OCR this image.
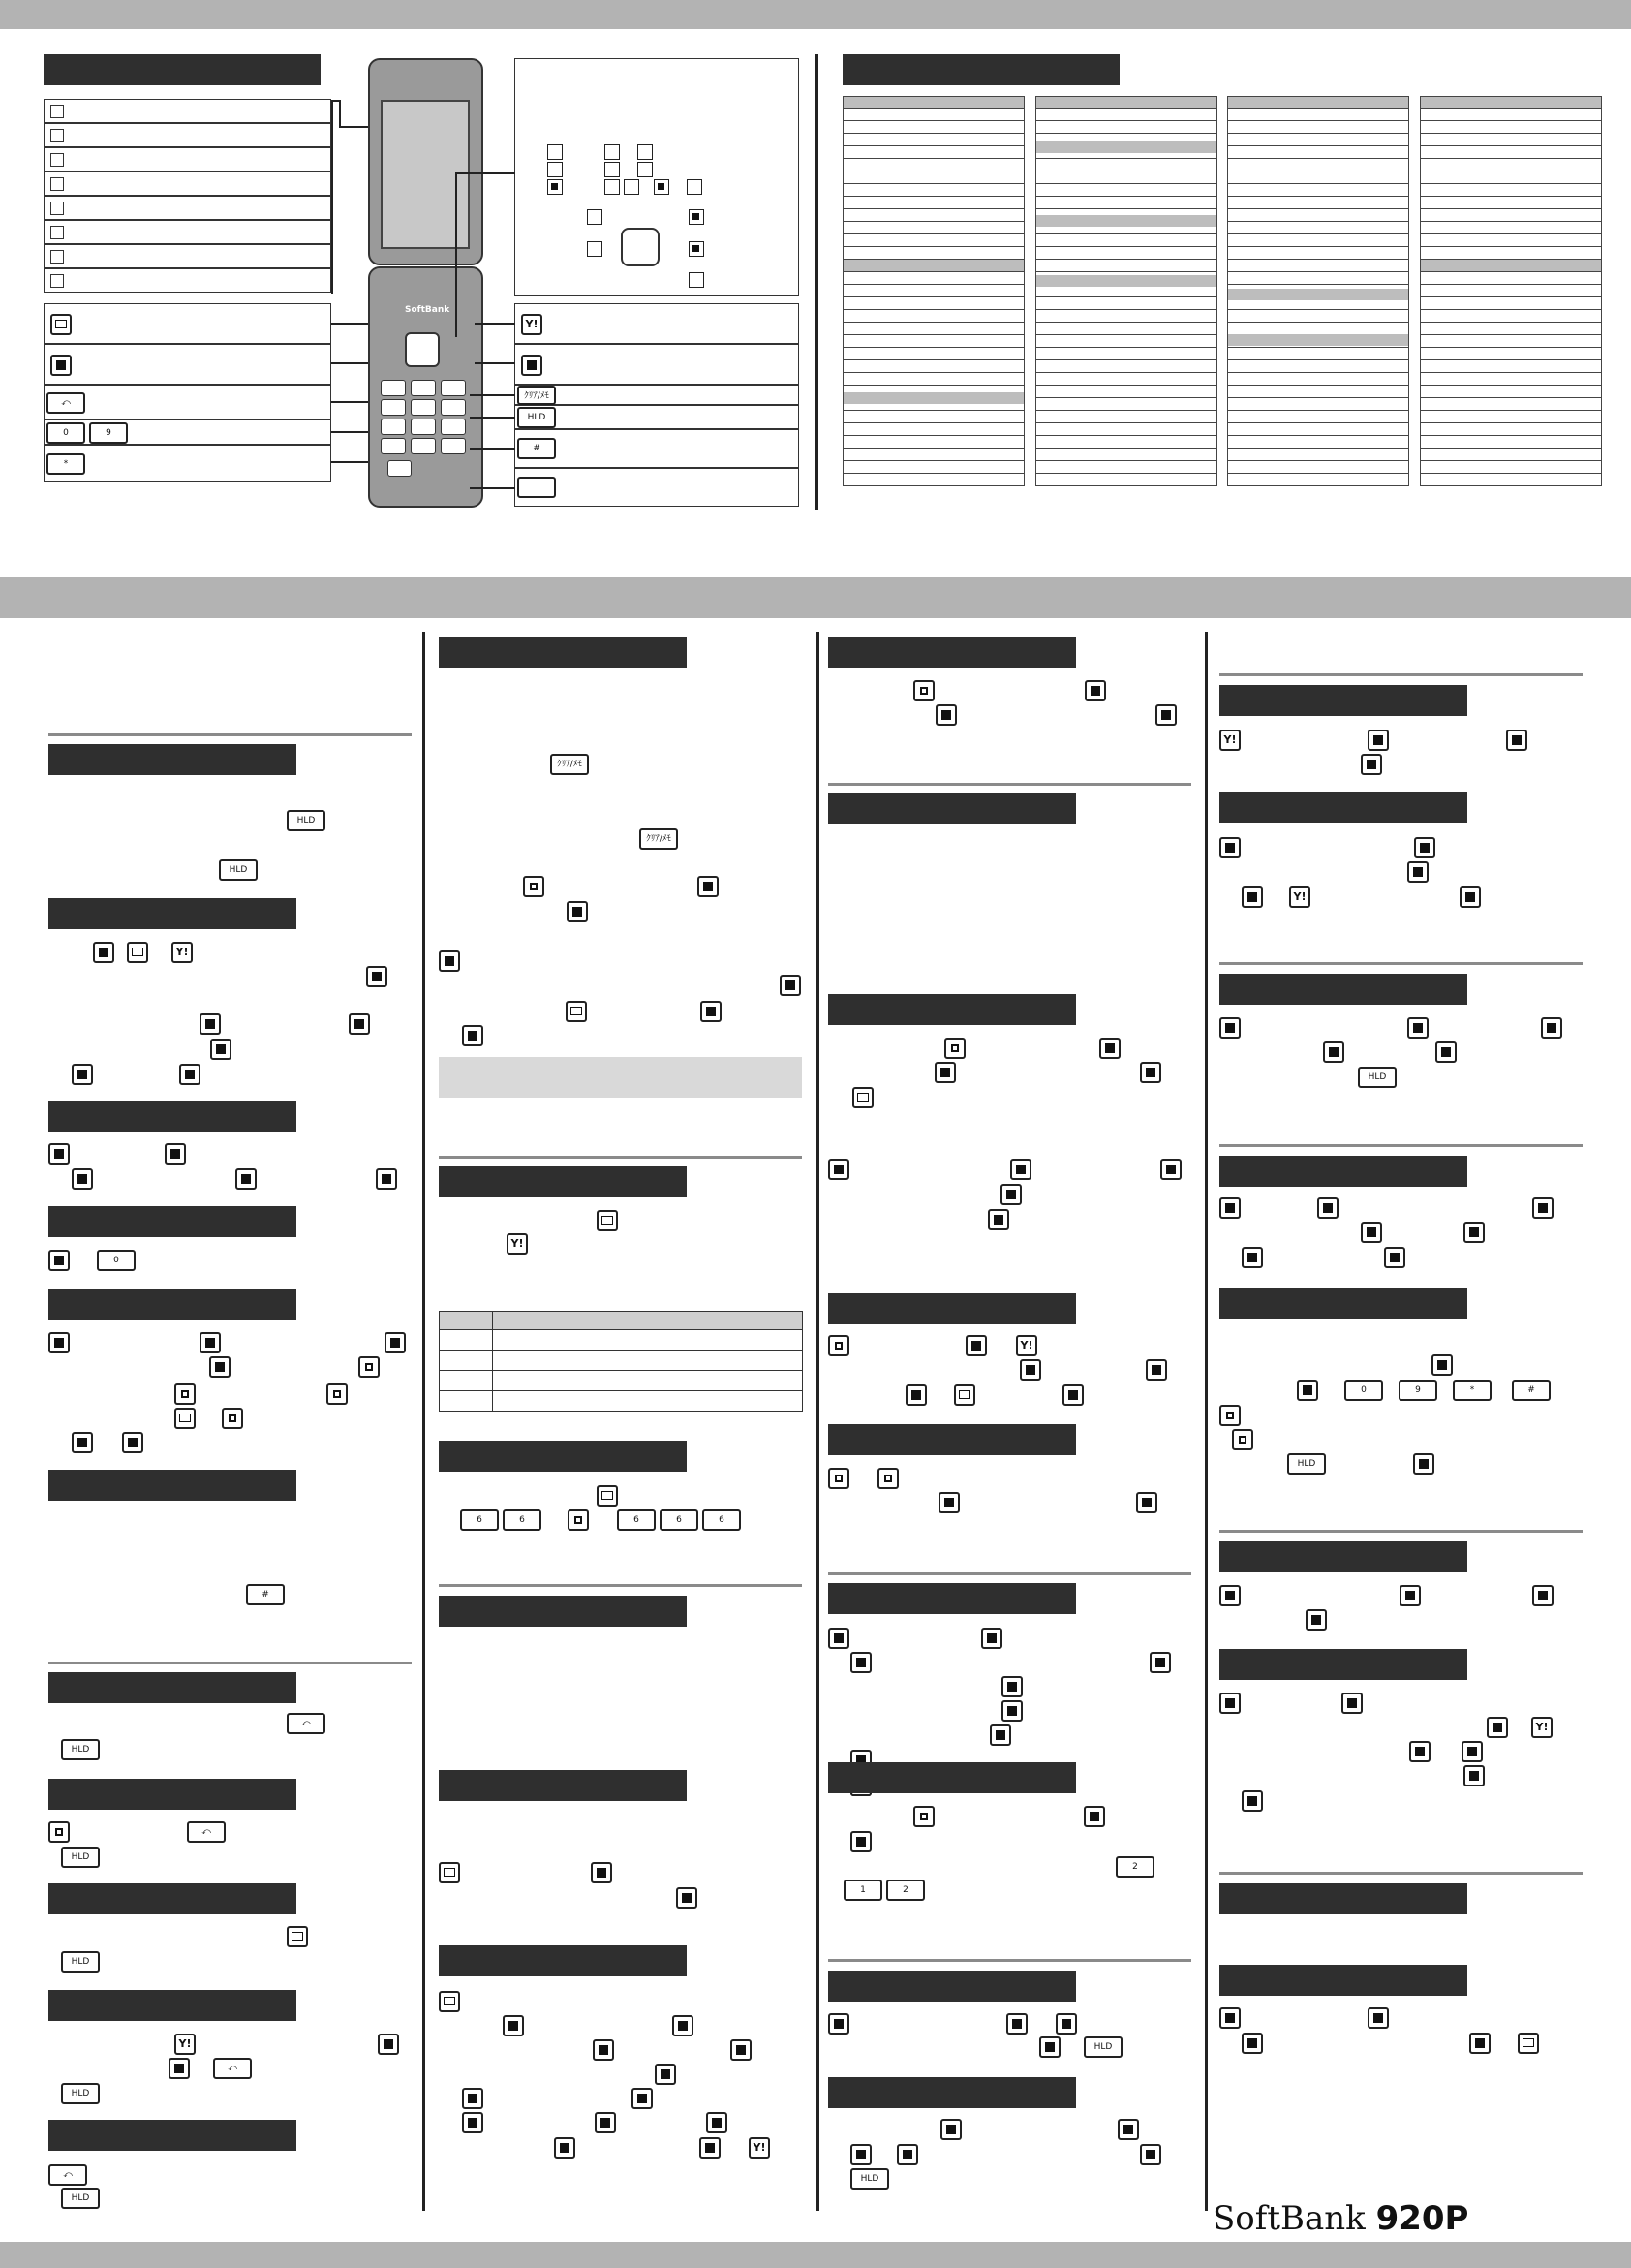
⤺
0	9
*
SoftBank
Y!
ｸﾘｱ/ﾒﾓ
HLD
#
HLD
HLD
Y!
0
#
⤺
HLD
⤺
HLD
HLD
Y!
⤺
HLD
⤺
HLD
ｸﾘｱ/ﾒﾓ
ｸﾘｱ/ﾒﾓ
Y!

6	6	6	6	6
Y!
Y!
2
1	2
HLD
HLD
Y!
Y!
HLD
0	9	*	#
HLD
Y!
SoftBank 920P
